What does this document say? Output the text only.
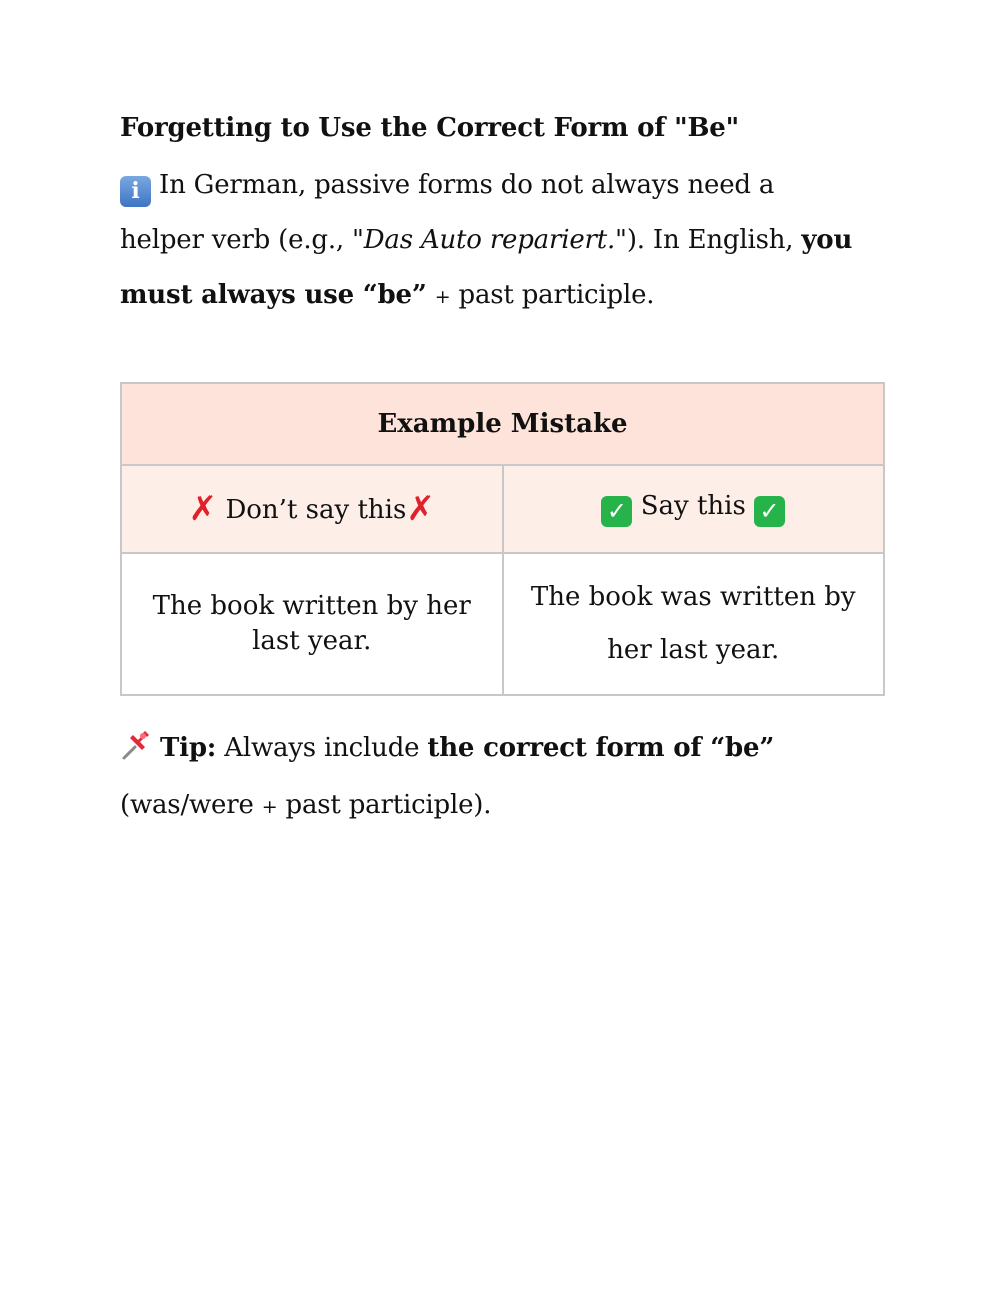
Forgetting to Use the Correct Form of "Be"

i In German, passive forms do not always need a helper verb (e.g., "Das Auto repariert."). In English, you must always use “be” + past participle.

Example Mistake	
✗ Don’t say this✗	✓ Say this ✓
The book written by her last year.	The book was written by her last year.

Tip: Always include the correct form of “be” (was/were + past participle).
